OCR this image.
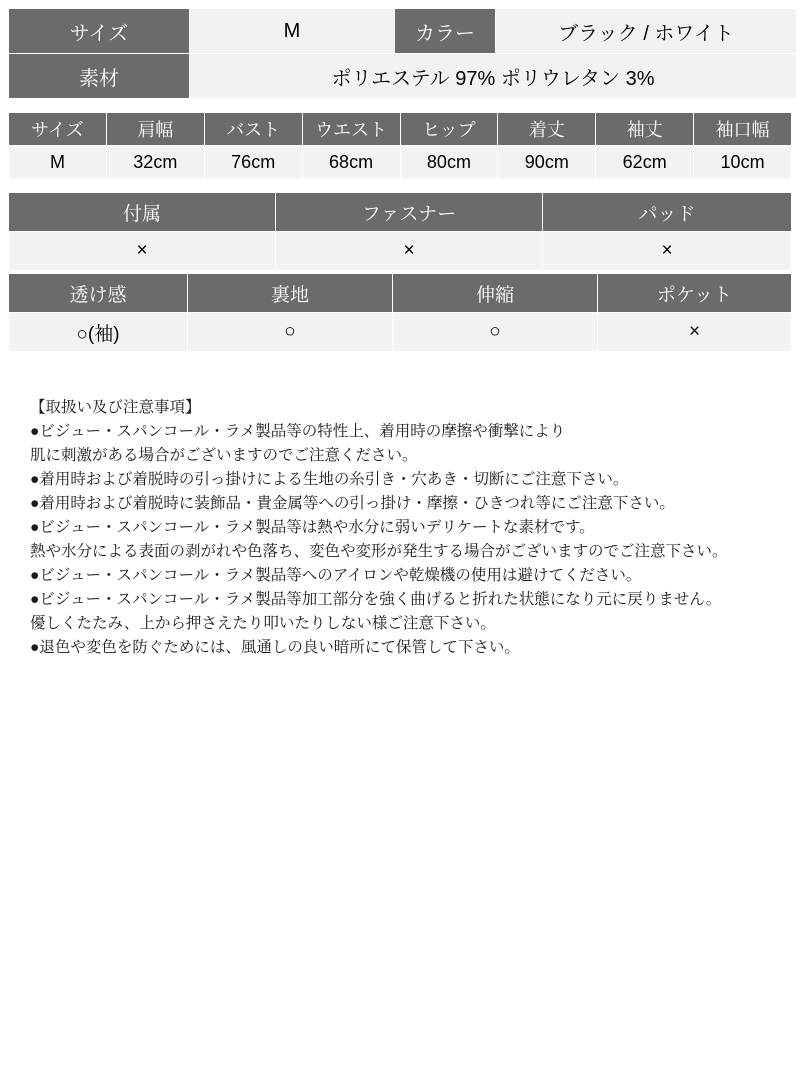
サイズ	M	カラー	ブラック / ホワイト
素材	ポリエステル 97% ポリウレタン 3%		
サイズ	肩幅	バスト	ウエスト	ヒップ	着丈	袖丈	袖口幅
M	32cm	76cm	68cm	80cm	90cm	62cm	10cm
付属	ファスナー	パッド
×	×	×
透け感	裏地	伸縮	ポケット
○(袖)	○	○	×
【取扱い及び注意事項】
●ビジュー・スパンコール・ラメ製品等の特性上、着用時の摩擦や衝撃により
肌に刺激がある場合がございますのでご注意ください。
●着用時および着脱時の引っ掛けによる生地の糸引き・穴あき・切断にご注意下さい。
●着用時および着脱時に装飾品・貴金属等への引っ掛け・摩擦・ひきつれ等にご注意下さい。
●ビジュー・スパンコール・ラメ製品等は熱や水分に弱いデリケートな素材です。
熱や水分による表面の剥がれや色落ち、変色や変形が発生する場合がございますのでご注意下さい。
●ビジュー・スパンコール・ラメ製品等へのアイロンや乾燥機の使用は避けてください。
●ビジュー・スパンコール・ラメ製品等加工部分を強く曲げると折れた状態になり元に戻りません。
優しくたたみ、上から押さえたり叩いたりしない様ご注意下さい。
●退色や変色を防ぐためには、風通しの良い暗所にて保管して下さい。
